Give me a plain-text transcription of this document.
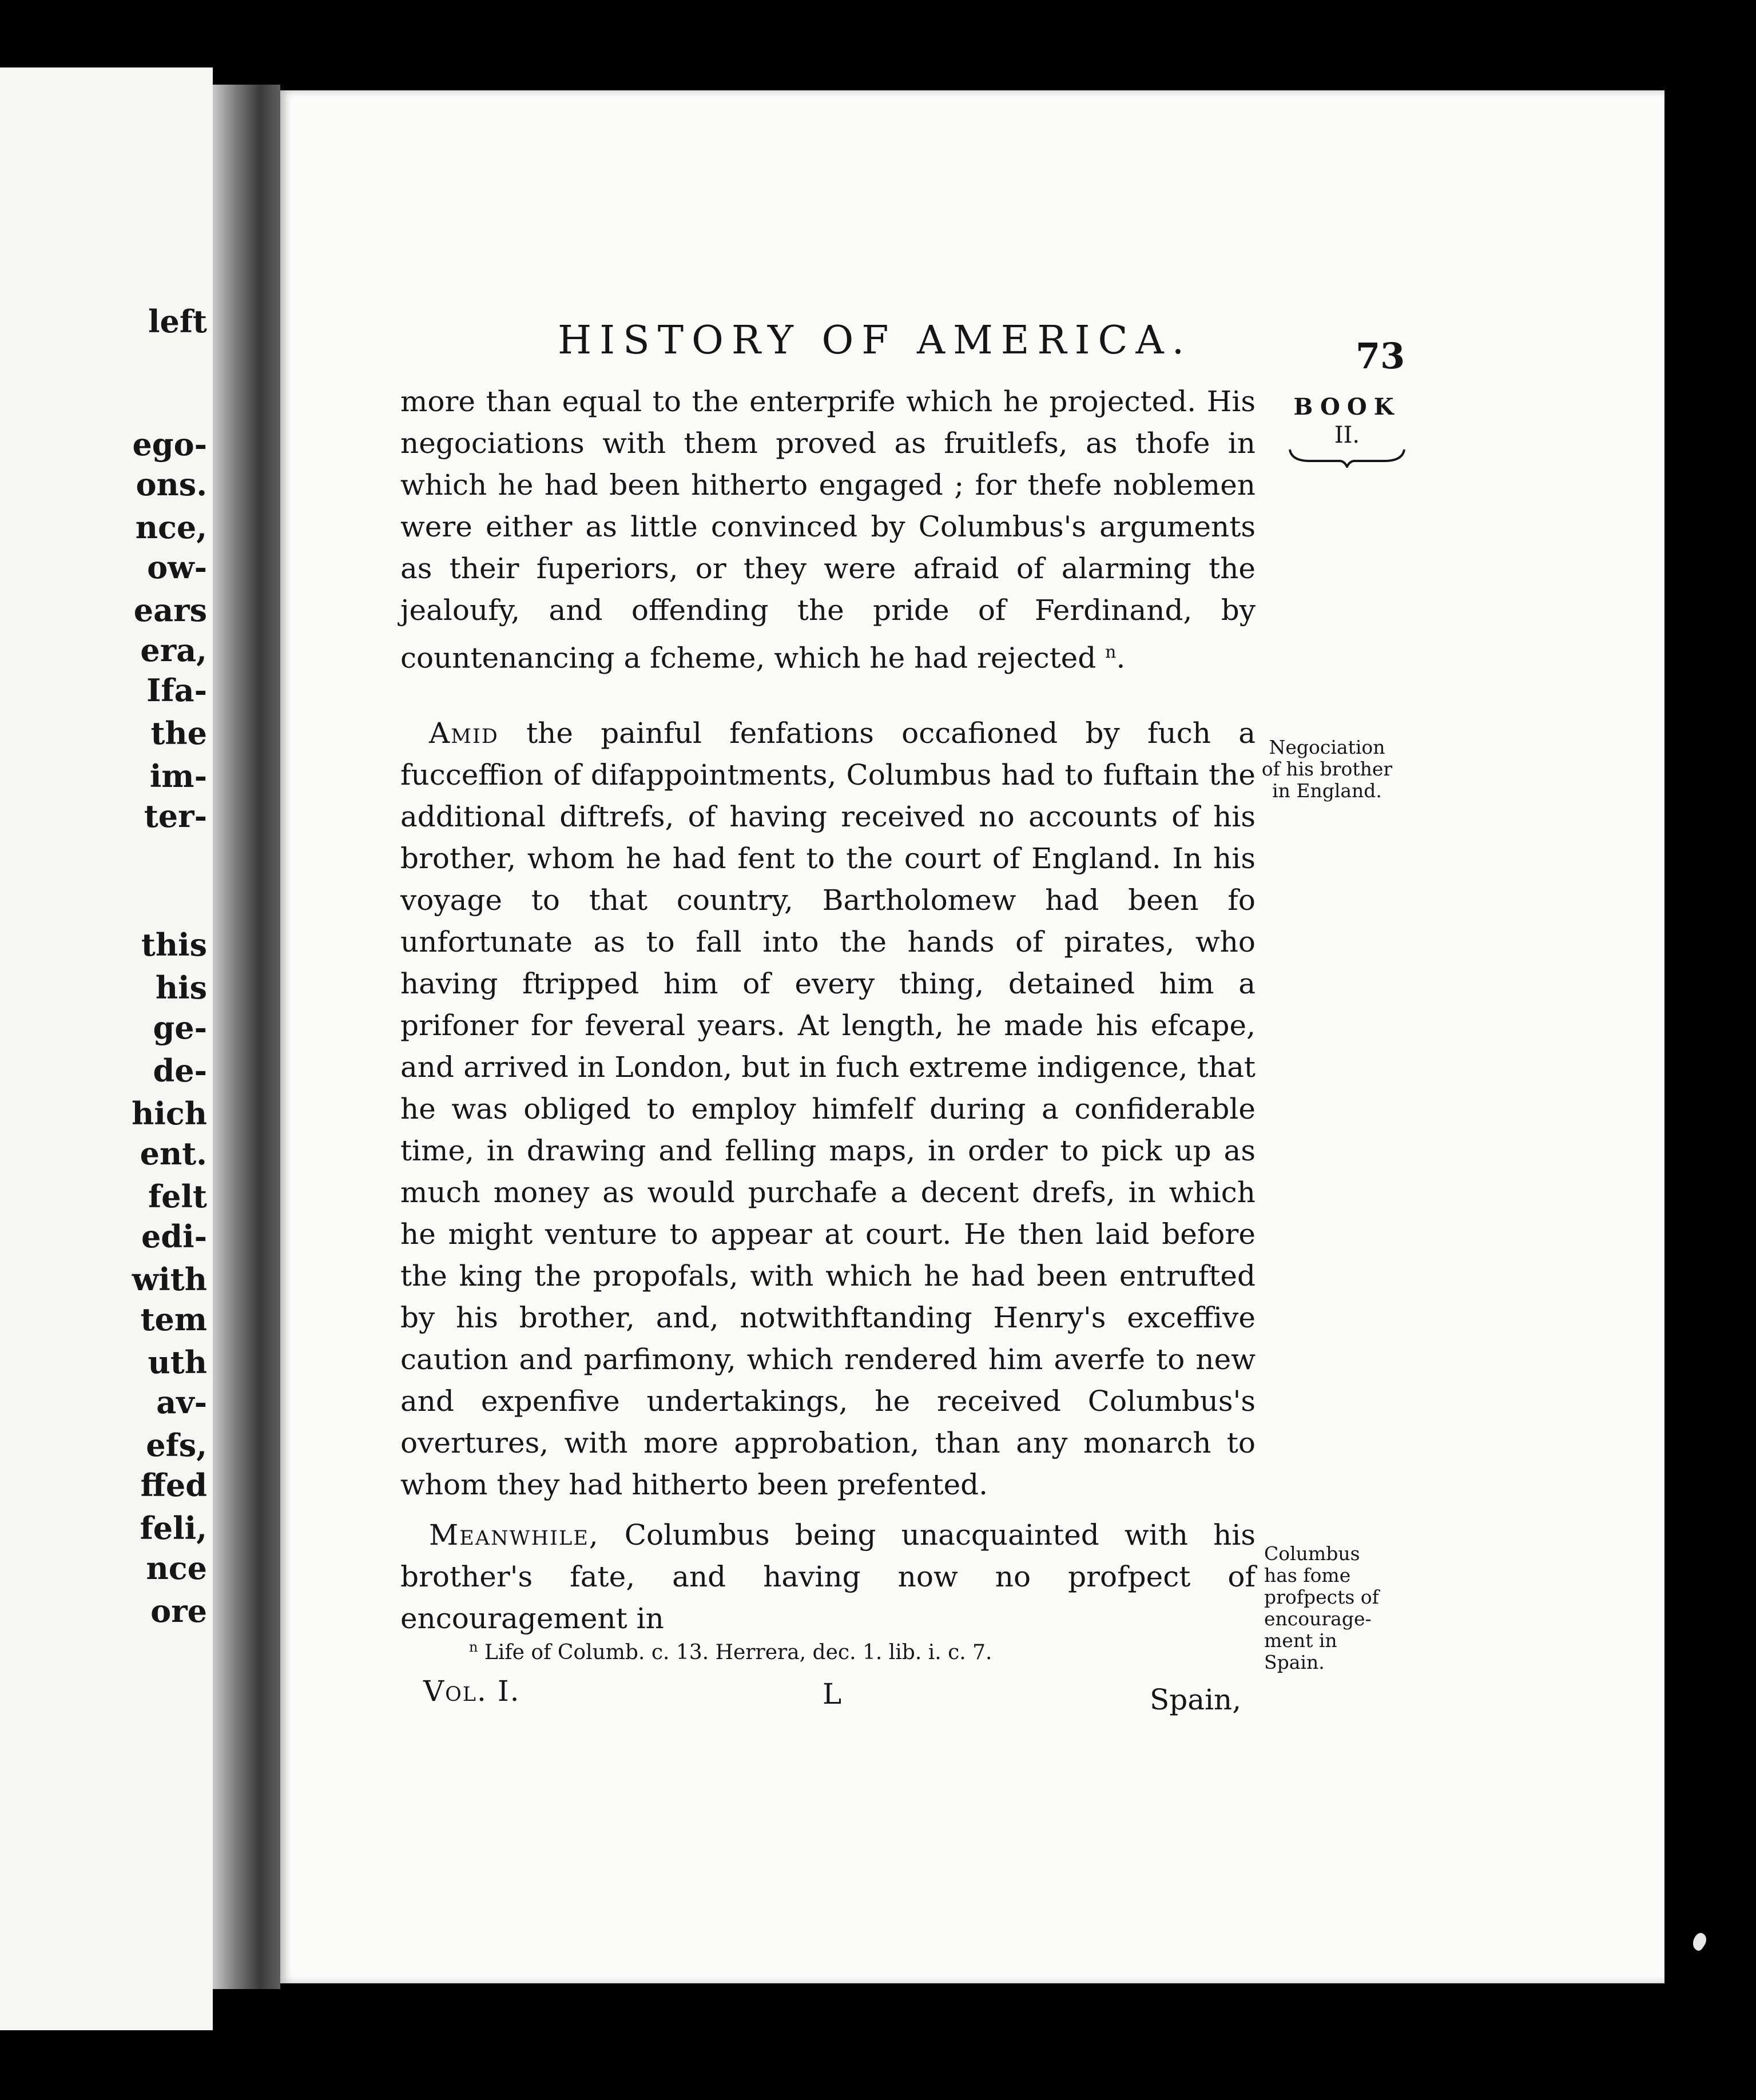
left
ego-
ons.
nce,
ow-
ears
era,
Ifa-
the
im-
ter-
this
his
ge-
de-
hich
ent.
felt
edi-
with
tem
uth
av-
efs,
ffed
feli,
nce
ore
HISTORY OF AMERICA.	73
BOOK
II.
more than equal to the enterprife which he projected. His negociations with them proved as fruitlefs, as thofe in which he had been hitherto engaged ; for thefe noblemen were either as little convinced by Columbus's arguments as their fuperiors, or they were afraid of alarming the jealoufy, and offending the pride of Ferdinand, by countenancing a fcheme, which he had rejected $^n$.
Negociation
of his brother
in England.
 Amid the painful fenfations occafioned by fuch a fucceffion of difappointments, Columbus had to fuftain the additional diftrefs, of having received no accounts of his brother, whom he had fent to the court of England. In his voyage to that country, Bartholomew had been fo unfortunate as to fall into the hands of pirates, who having ftripped him of every thing, detained him a prifoner for feveral years. At length, he made his efcape, and arrived in London, but in fuch extreme indigence, that he was obliged to employ himfelf during a confiderable time, in drawing and felling maps, in order to pick up as much money as would purchafe a decent drefs, in which he might venture to appear at court. He then laid before the king the propofals, with which he had been entrufted by his brother, and, notwithftanding Henry's exceffive caution and parfimony, which rendered him averfe to new and expenfive undertakings, he received Columbus's overtures, with more approbation, than any monarch to whom they had hitherto been prefented.
 Meanwhile, Columbus being unacquainted with his brother's fate, and having now no profpect of encouragement in
Columbus
has fome
profpects of
encourage-
ment in
Spain.
$^n$ Life of Columb. c. 13. Herrera, dec. 1. lib. i. c. 7.
Vol. I.	L	Spain,
